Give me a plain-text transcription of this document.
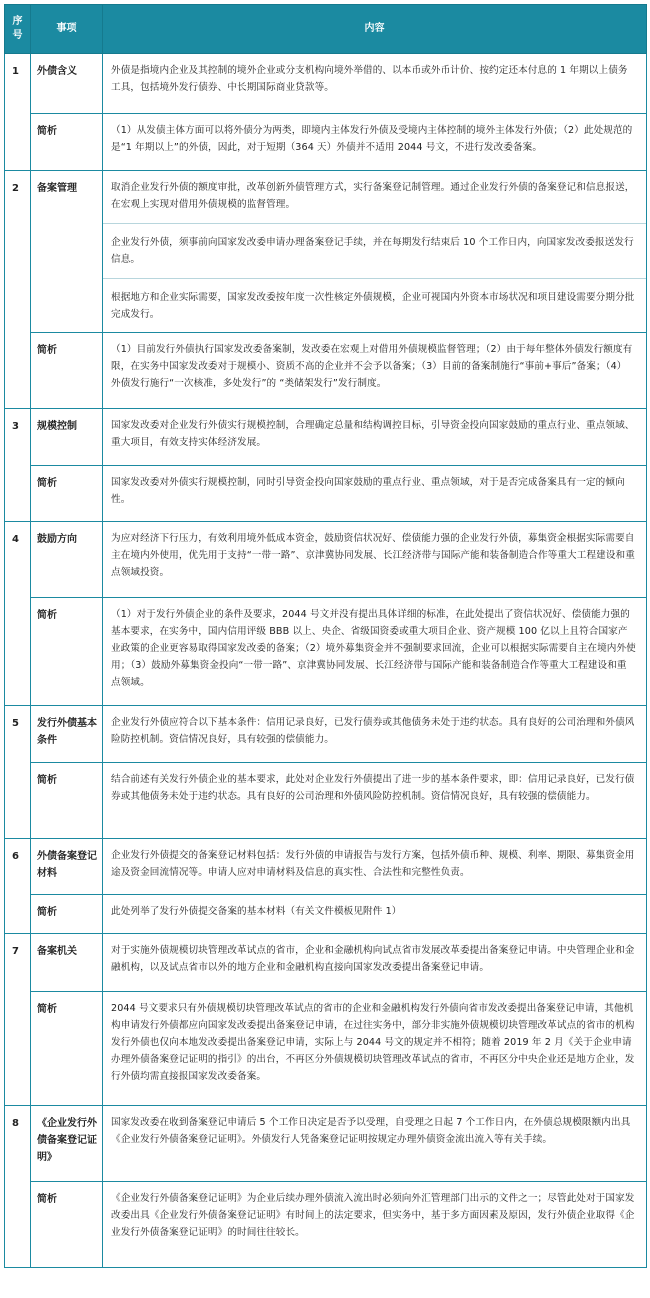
序号	事项	内容
1	外债含义	外债是指境内企业及其控制的境外企业或分支机构向境外举借的、以本币或外币计价、按约定还本付息的 1 年期以上债务工具，包括境外发行债券、中长期国际商业贷款等。

	简析	（1）从发债主体方面可以将外债分为两类，即境内主体发行外债及受境内主体控制的境外主体发行外债；（2）此处规范的是“1 年期以上”的外债，因此，对于短期（364 天）外债并不适用 2044 号文，不进行发改委备案。
2	备案管理	取消企业发行外债的额度审批，改革创新外债管理方式，实行备案登记制管理。通过企业发行外债的备案登记和信息报送，在宏观上实现对借用外债规模的监督管理。
企业发行外债，须事前向国家发改委申请办理备案登记手续，并在每期发行结束后 10 个工作日内，向国家发改委报送发行信息。
根据地方和企业实际需要，国家发改委按年度一次性核定外债规模，企业可视国内外资本市场状况和项目建设需要分期分批完成发行。

	简析	（1）目前发行外债执行国家发改委备案制，发改委在宏观上对借用外债规模监督管理；（2）由于每年整体外债发行额度有限，在实务中国家发改委对于规模小、资质不高的企业并不会予以备案；（3）目前的备案制施行“事前+事后”备案；（4）外债发行施行“一次核准，多处发行”的 “类储架发行”发行制度。
3	规模控制	国家发改委对企业发行外债实行规模控制，合理确定总量和结构调控目标，引导资金投向国家鼓励的重点行业、重点领域、重大项目，有效支持实体经济发展。

	简析	国家发改委对外债实行规模控制，同时引导资金投向国家鼓励的重点行业、重点领域，对于是否完成备案具有一定的倾向性。
4	鼓励方向	为应对经济下行压力，有效利用境外低成本资金，鼓励资信状况好、偿债能力强的企业发行外债，募集资金根据实际需要自主在境内外使用，优先用于支持“一带一路”、京津冀协同发展、长江经济带与国际产能和装备制造合作等重大工程建设和重点领域投资。

	简析	（1）对于发行外债企业的条件及要求，2044 号文并没有提出具体详细的标准，在此处提出了资信状况好、偿债能力强的基本要求，在实务中，国内信用评级 BBB 以上、央企、省级国资委或重大项目企业、资产规模 100 亿以上且符合国家产业政策的企业更容易取得国家发改委的备案；（2）境外募集资金并不强制要求回流，企业可以根据实际需要自主在境内外使用；（3）鼓励外募集资金投向“一带一路”、京津冀协同发展、长江经济带与国际产能和装备制造合作等重大工程建设和重点领域。
5	发行外债基本条件	企业发行外债应符合以下基本条件：信用记录良好，已发行债券或其他债务未处于违约状态。具有良好的公司治理和外债风险防控机制。资信情况良好，具有较强的偿债能力。

	简析	结合前述有关发行外债企业的基本要求，此处对企业发行外债提出了进一步的基本条件要求，即：信用记录良好，已发行债券或其他债务未处于违约状态。具有良好的公司治理和外债风险防控机制。资信情况良好，具有较强的偿债能力。
6	外债备案登记材料	企业发行外债提交的备案登记材料包括：发行外债的申请报告与发行方案，包括外债币种、规模、利率、期限、募集资金用途及资金回流情况等。申请人应对申请材料及信息的真实性、合法性和完整性负责。

	简析	此处列举了发行外债提交备案的基本材料（有关文件模板见附件 1）
7	备案机关	对于实施外债规模切块管理改革试点的省市，企业和金融机构向试点省市发展改革委提出备案登记申请。中央管理企业和金融机构，以及试点省市以外的地方企业和金融机构直接向国家发改委提出备案登记申请。

	简析	2044 号文要求只有外债规模切块管理改革试点的省市的企业和金融机构发行外债向省市发改委提出备案登记申请，其他机构申请发行外债都应向国家发改委提出备案登记申请，在过往实务中，部分非实施外债规模切块管理改革试点的省市的机构发行外债也仅向本地发改委提出备案登记申请，实际上与 2044 号文的规定并不相符；随着 2019 年 2 月《关于企业申请办理外债备案登记证明的指引》的出台，不再区分外债规模切块管理改革试点的省市，不再区分中央企业还是地方企业，发行外债均需直接报国家发改委备案。
8	《企业发行外债备案登记证明》	国家发改委在收到备案登记申请后 5 个工作日决定是否予以受理，自受理之日起 7 个工作日内，在外债总规模限额内出具《企业发行外债备案登记证明》。外债发行人凭备案登记证明按规定办理外债资金流出流入等有关手续。

	简析	《企业发行外债备案登记证明》为企业后续办理外债流入流出时必须向外汇管理部门出示的文件之一；尽管此处对于国家发改委出具《企业发行外债备案登记证明》有时间上的法定要求，但实务中，基于多方面因素及原因，发行外债企业取得《企业发行外债备案登记证明》的时间往往较长。
